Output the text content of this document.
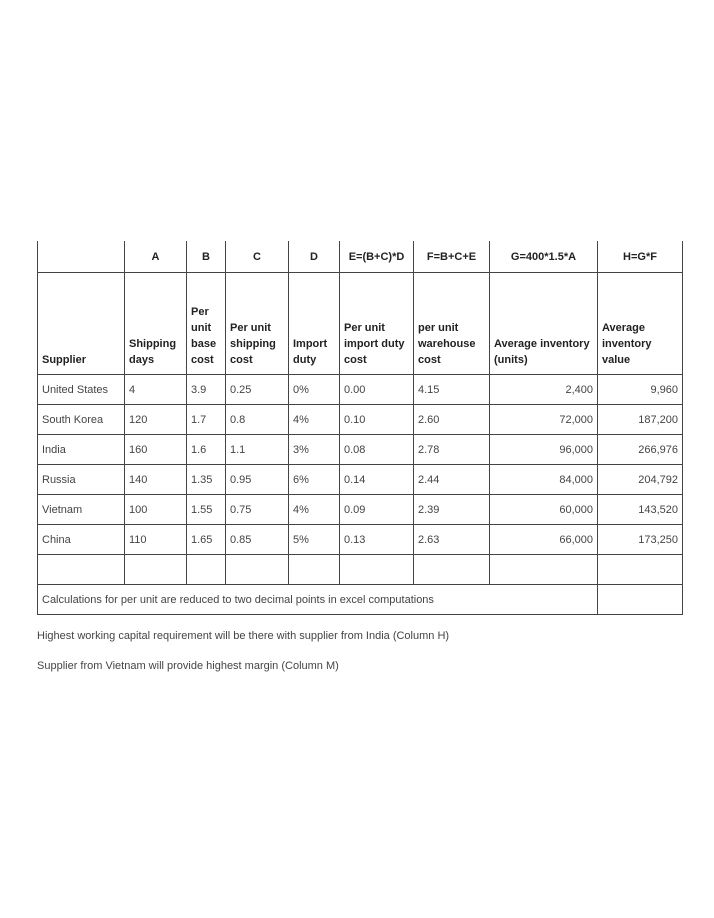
	A	B	C	D	E=(B+C)*D	F=B+C+E	G=400*1.5*A	H=G*F
Supplier	Shipping days	Per unit base cost	Per unit shipping cost	Import duty	Per unit import duty cost	per unit warehouse cost	Average inventory (units)	Average inventory value
United States	4	3.9	0.25	0%	0.00	4.15	2,400	9,960
South Korea	120	1.7	0.8	4%	0.10	2.60	72,000	187,200
India	160	1.6	1.1	3%	0.08	2.78	96,000	266,976
Russia	140	1.35	0.95	6%	0.14	2.44	84,000	204,792
Vietnam	100	1.55	0.75	4%	0.09	2.39	60,000	143,520
China	110	1.65	0.85	5%	0.13	2.63	66,000	173,250

Calculations for per unit are reduced to two decimal points in excel computations								
Highest working capital requirement will be there with supplier from India (Column H)
Supplier from Vietnam will provide highest margin (Column M)
